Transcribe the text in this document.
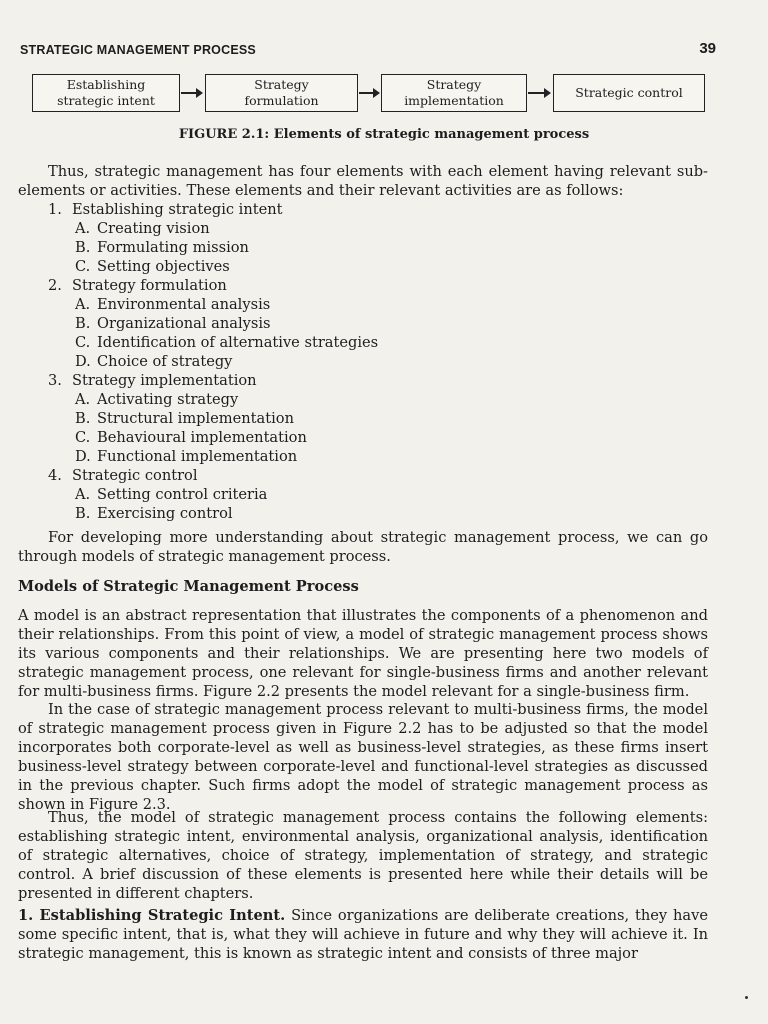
STRATEGIC MANAGEMENT PROCESS	39
Establishing
strategic intent
Strategy
formulation
Strategy
implementation
Strategic control
FIGURE 2.1: Elements of strategic management process

Thus, strategic management has four elements with each element having relevant sub-elements or activities. These elements and their relevant activities are as follows:

1. Establishing strategic intent
A. Creating vision
B. Formulating mission
C. Setting objectives
2. Strategy formulation
A. Environmental analysis
B. Organizational analysis
C. Identification of alternative strategies
D. Choice of strategy
3. Strategy implementation
A. Activating strategy
B. Structural implementation
C. Behavioural implementation
D. Functional implementation
4. Strategic control
A. Setting control criteria
B. Exercising control

For developing more understanding about strategic management process, we can go through models of strategic management process.

Models of Strategic Management Process

A model is an abstract representation that illustrates the components of a phenomenon and their relationships. From this point of view, a model of strategic management process shows its various components and their relationships. We are presenting here two models of strategic management process, one relevant for single-business firms and another relevant for multi-business firms. Figure 2.2 presents the model relevant for a single-business firm.

In the case of strategic management process relevant to multi-business firms, the model of strategic management process given in Figure 2.2 has to be adjusted so that the model incorporates both corporate-level as well as business-level strategies, as these firms insert business-level strategy between corporate-level and functional-level strategies as discussed in the previous chapter. Such firms adopt the model of strategic management process as shown in Figure 2.3.

Thus, the model of strategic management process contains the following elements: establishing strategic intent, environmental analysis, organizational analysis, identification of strategic alternatives, choice of strategy, implementation of strategy, and strategic control. A brief discussion of these elements is presented here while their details will be presented in different chapters.

1. Establishing Strategic Intent. Since organizations are deliberate creations, they have some specific intent, that is, what they will achieve in future and why they will achieve it. In strategic management, this is known as strategic intent and consists of three major
